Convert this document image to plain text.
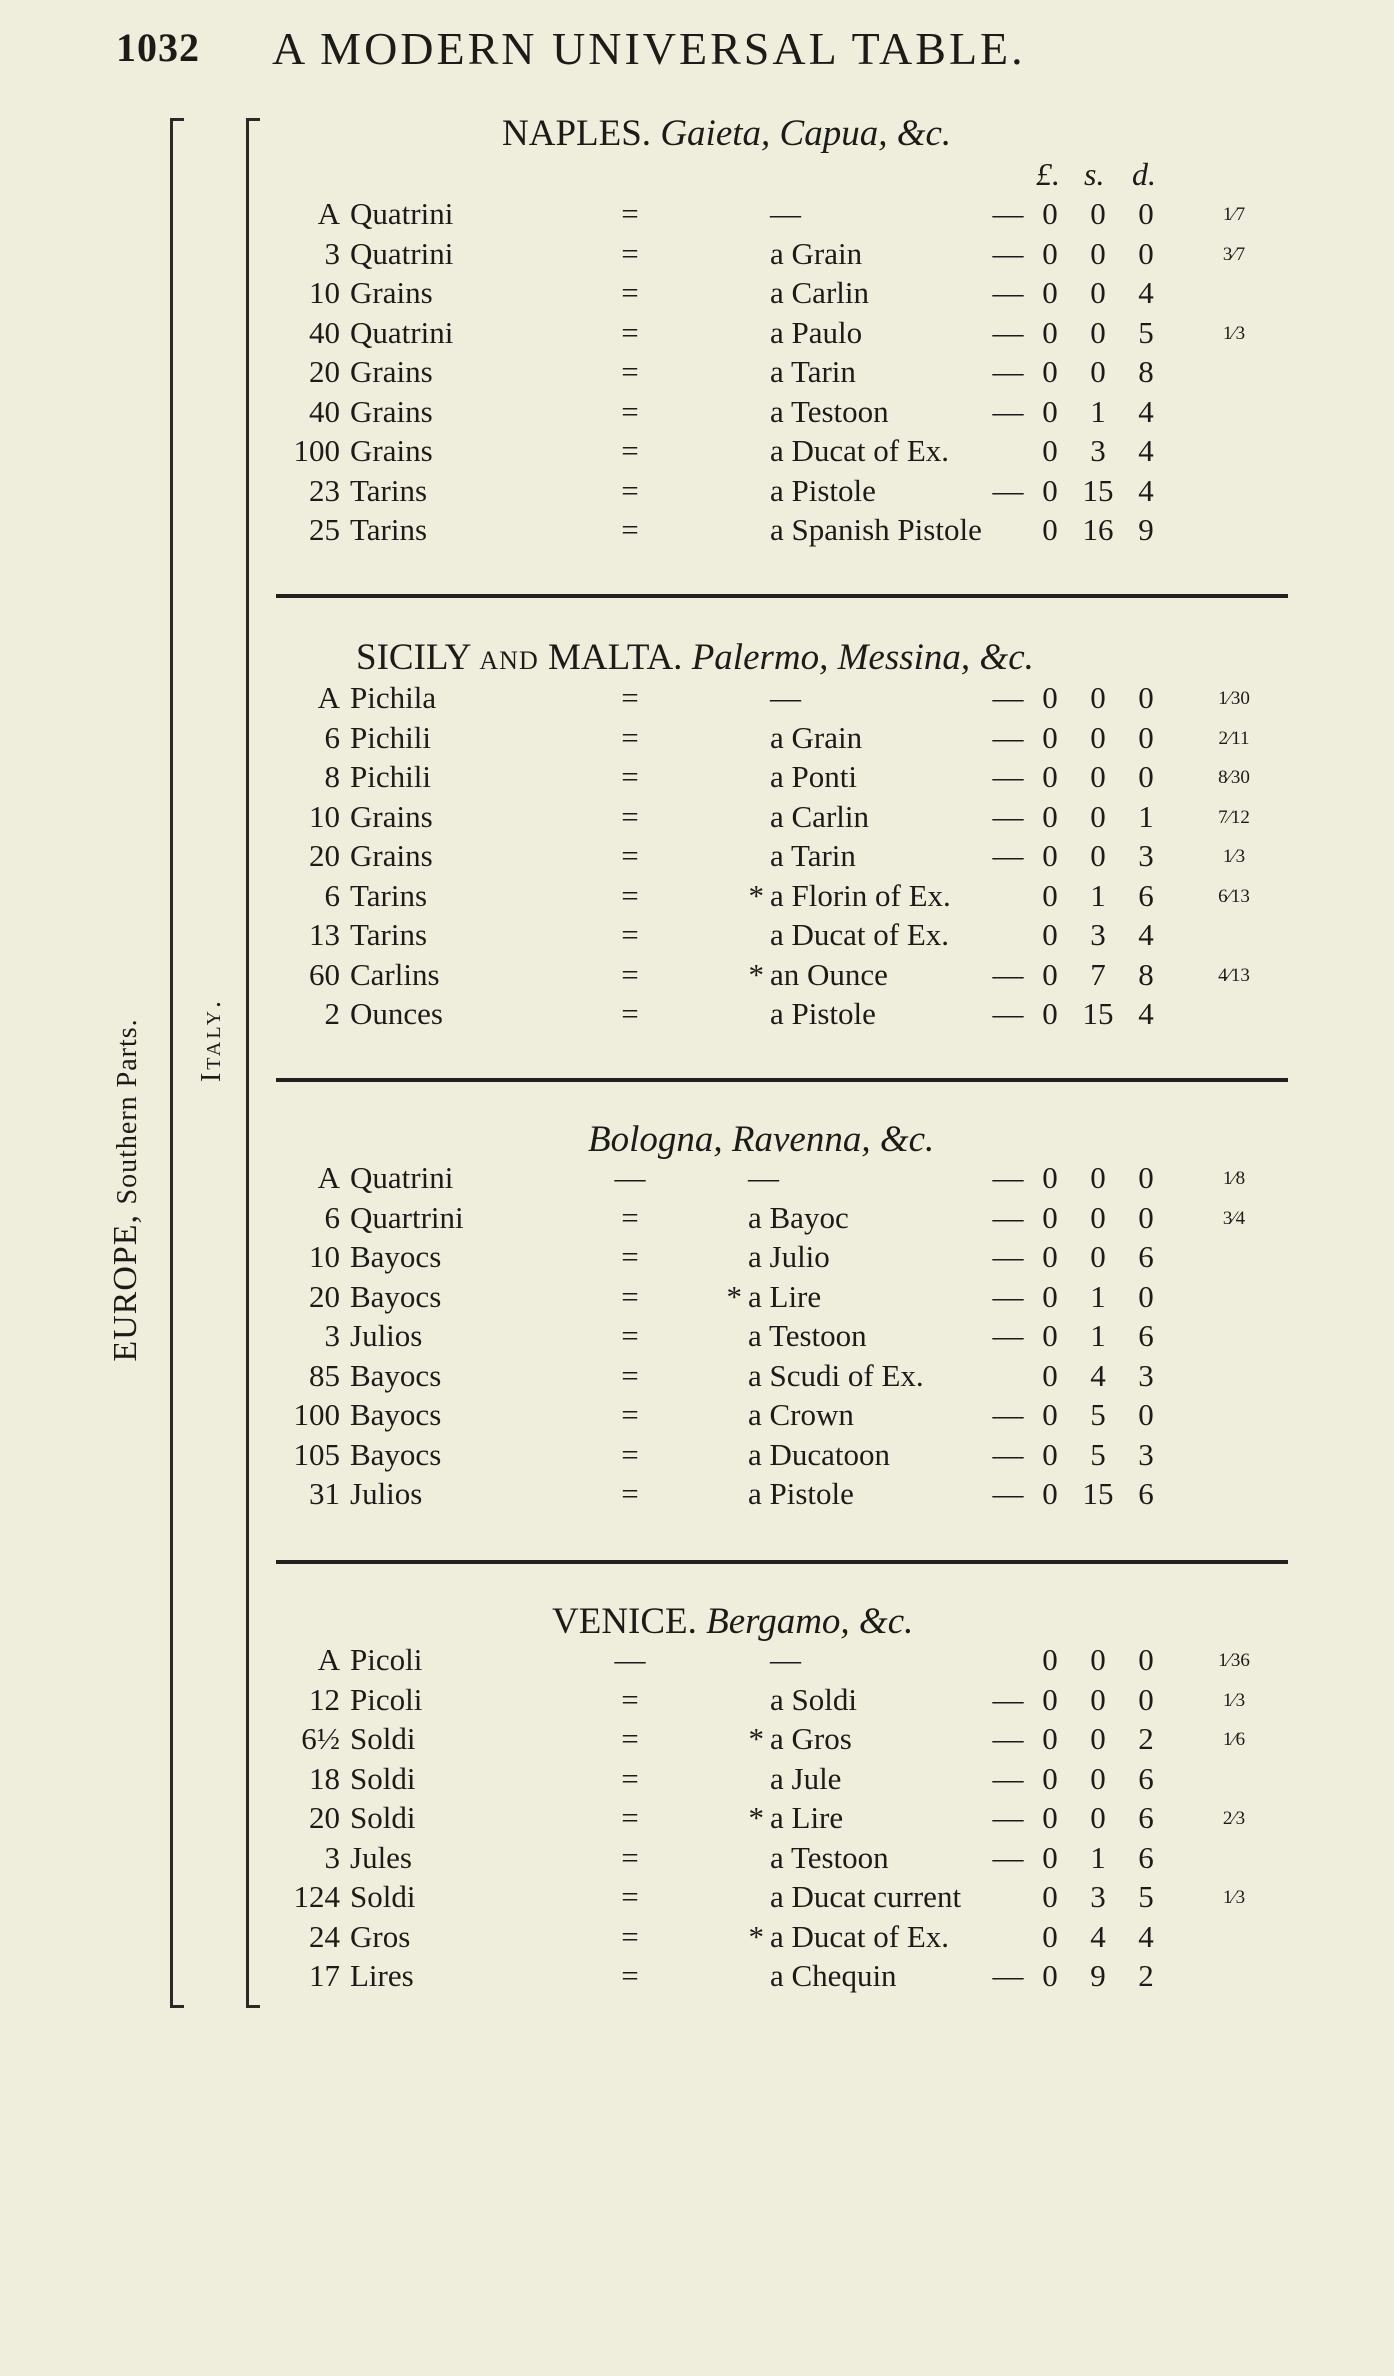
1032 A MODERN UNIVERSAL TABLE.
EUROPE, Southern Parts. Italy.
NAPLES. Gaieta, Capua, &c.
£. s. d.
A Quatrini	=	—	— 0	0	0	1⁄7
3 Quatrini	=	a Grain	— 0	0	0	3⁄7
10 Grains	=	a Carlin	— 0	0	4
40 Quatrini	=	a Paulo	— 0	0	5	1⁄3
20 Grains	=	a Tarin	— 0	0	8
40 Grains	=	a Testoon	— 0	1	4
100 Grains	=	a Ducat of Ex.	0	3	4
23 Tarins	=	a Pistole	— 0 15 4
25 Tarins	=	a Spanish Pistole	0 16 9
SICILY AND MALTA. Palermo, Messina, &c.
A Pichila	=	—	— 0	0	0	1⁄30
6 Pichili	=	a Grain	— 0	0	0	2⁄11
8 Pichili	=	a Ponti	— 0	0	0	8⁄30
10 Grains	=	a Carlin	— 0	0	1	7⁄12
20 Grains	=	a Tarin	— 0	0	3	1⁄3
6 Tarins	=	* a Florin of Ex.	0	1	6	6⁄13
13 Tarins	=	a Ducat of Ex.	0	3	4
60 Carlins	=	* an Ounce	— 0	7	8	4⁄13
2 Ounces	=	a Pistole	— 0 15 4
Bologna, Ravenna, &c.
A Quatrini	—	—	— 0	0	0	1⁄8
6 Quartrini	=	a Bayoc	— 0	0	0	3⁄4
10 Bayocs	=	a Julio	— 0	0	6
20 Bayocs	=	* a Lire	— 0	1	0
3 Julios	=	a Testoon	— 0	1	6
85 Bayocs	=	a Scudi of Ex.	0	4	3
100 Bayocs	=	a Crown	— 0	5	0
105 Bayocs	=	a Ducatoon	— 0	5	3
31 Julios	=	a Pistole	— 0 15 6
VENICE. Bergamo, &c.
A Picoli	—	—	0	0	0	1⁄36
12 Picoli	=	a Soldi	— 0	0	0	1⁄3
6½ Soldi	=	* a Gros	— 0	0	2	1⁄6
18 Soldi	=	a Jule	— 0	0	6
20 Soldi	=	* a Lire	— 0	0	6	2⁄3
3 Jules	=	a Testoon	— 0	1	6
124 Soldi	=	a Ducat current	0	3	5	1⁄3
24 Gros	=	* a Ducat of Ex.	0	4	4
17 Lires	=	a Chequin	— 0	9	2
